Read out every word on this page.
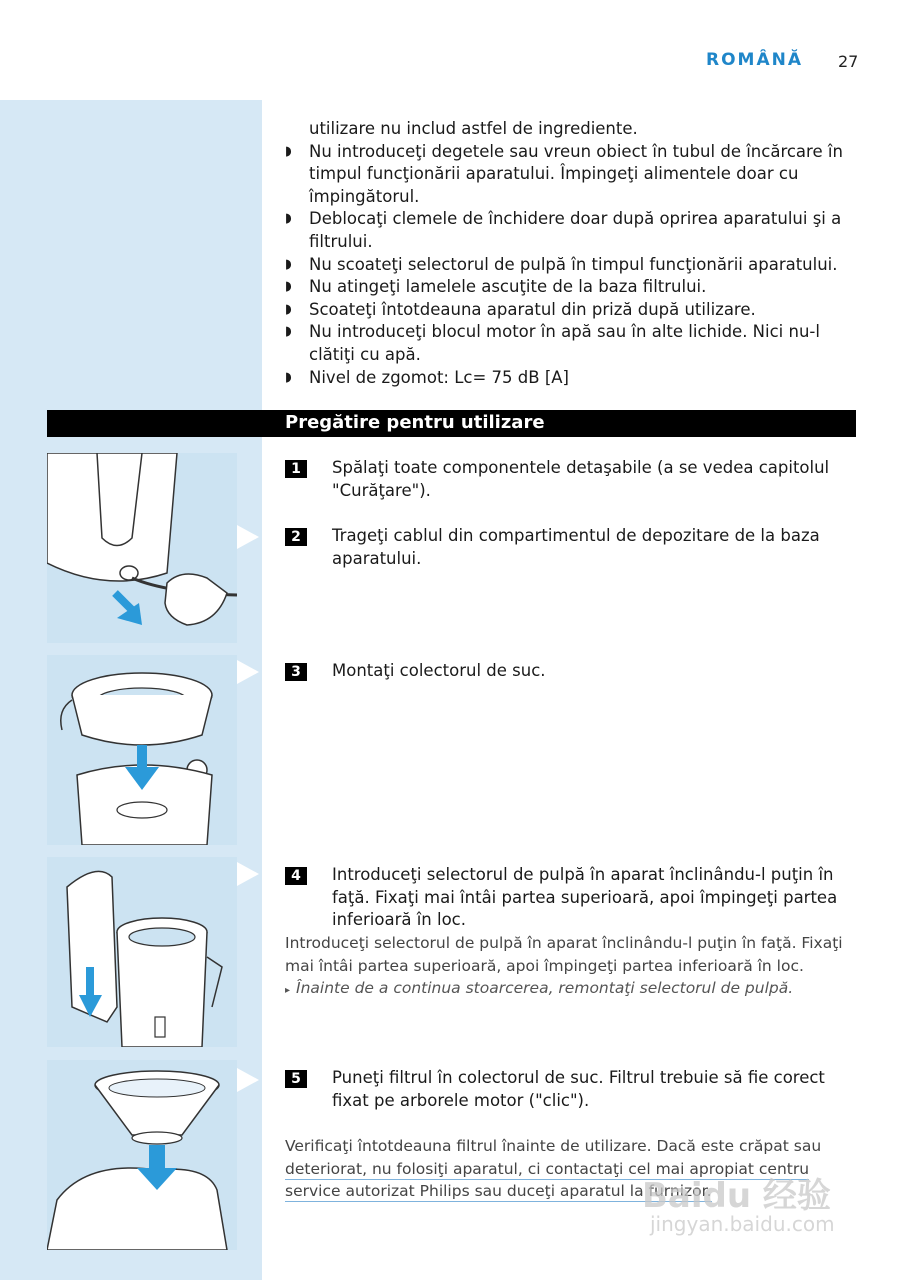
ROMÂNĂ 27
utilizare nu includ astfel de ingrediente.
◗ Nu introduceţi degetele sau vreun obiect în tubul de încărcare în timpul funcţionării aparatului. Împingeţi alimentele doar cu împingătorul.
◗ Deblocaţi clemele de închidere doar după oprirea aparatului şi a filtrului.
◗ Nu scoateţi selectorul de pulpă în timpul funcţionării aparatului.
◗ Nu atingeţi lamelele ascuţite de la baza filtrului.
◗ Scoateţi întotdeauna aparatul din priză după utilizare.
◗ Nu introduceţi blocul motor în apă sau în alte lichide. Nici nu-l clătiţi cu apă.
◗ Nivel de zgomot: Lc= 75 dB [A]
Pregătire pentru utilizare
1	Spălaţi toate componentele detaşabile (a se vedea capitolul "Curăţare").
2	Trageţi cablul din compartimentul de depozitare de la baza aparatului.
3	Montaţi colectorul de suc.
4	Introduceţi selectorul de pulpă în aparat înclinându-l puţin în faţă. Fixaţi mai întâi partea superioară, apoi împingeţi partea inferioară în loc.
Introduceţi selectorul de pulpă în aparat înclinându-l puţin în faţă. Fixaţi mai întâi partea superioară, apoi împingeţi partea inferioară în loc.
▸ Înainte de a continua stoarcerea, remontaţi selectorul de pulpă.
5	Puneţi filtrul în colectorul de suc. Filtrul trebuie să fie corect fixat pe arborele motor ("clic").
Verificaţi întotdeauna filtrul înainte de utilizare. Dacă este crăpat sau
deteriorat, nu folosiţi aparatul, ci contactaţi cel mai apropiat centru
service autorizat Philips sau duceţi aparatul la furnizor.
Baidu 经验
jingyan.baidu.com
